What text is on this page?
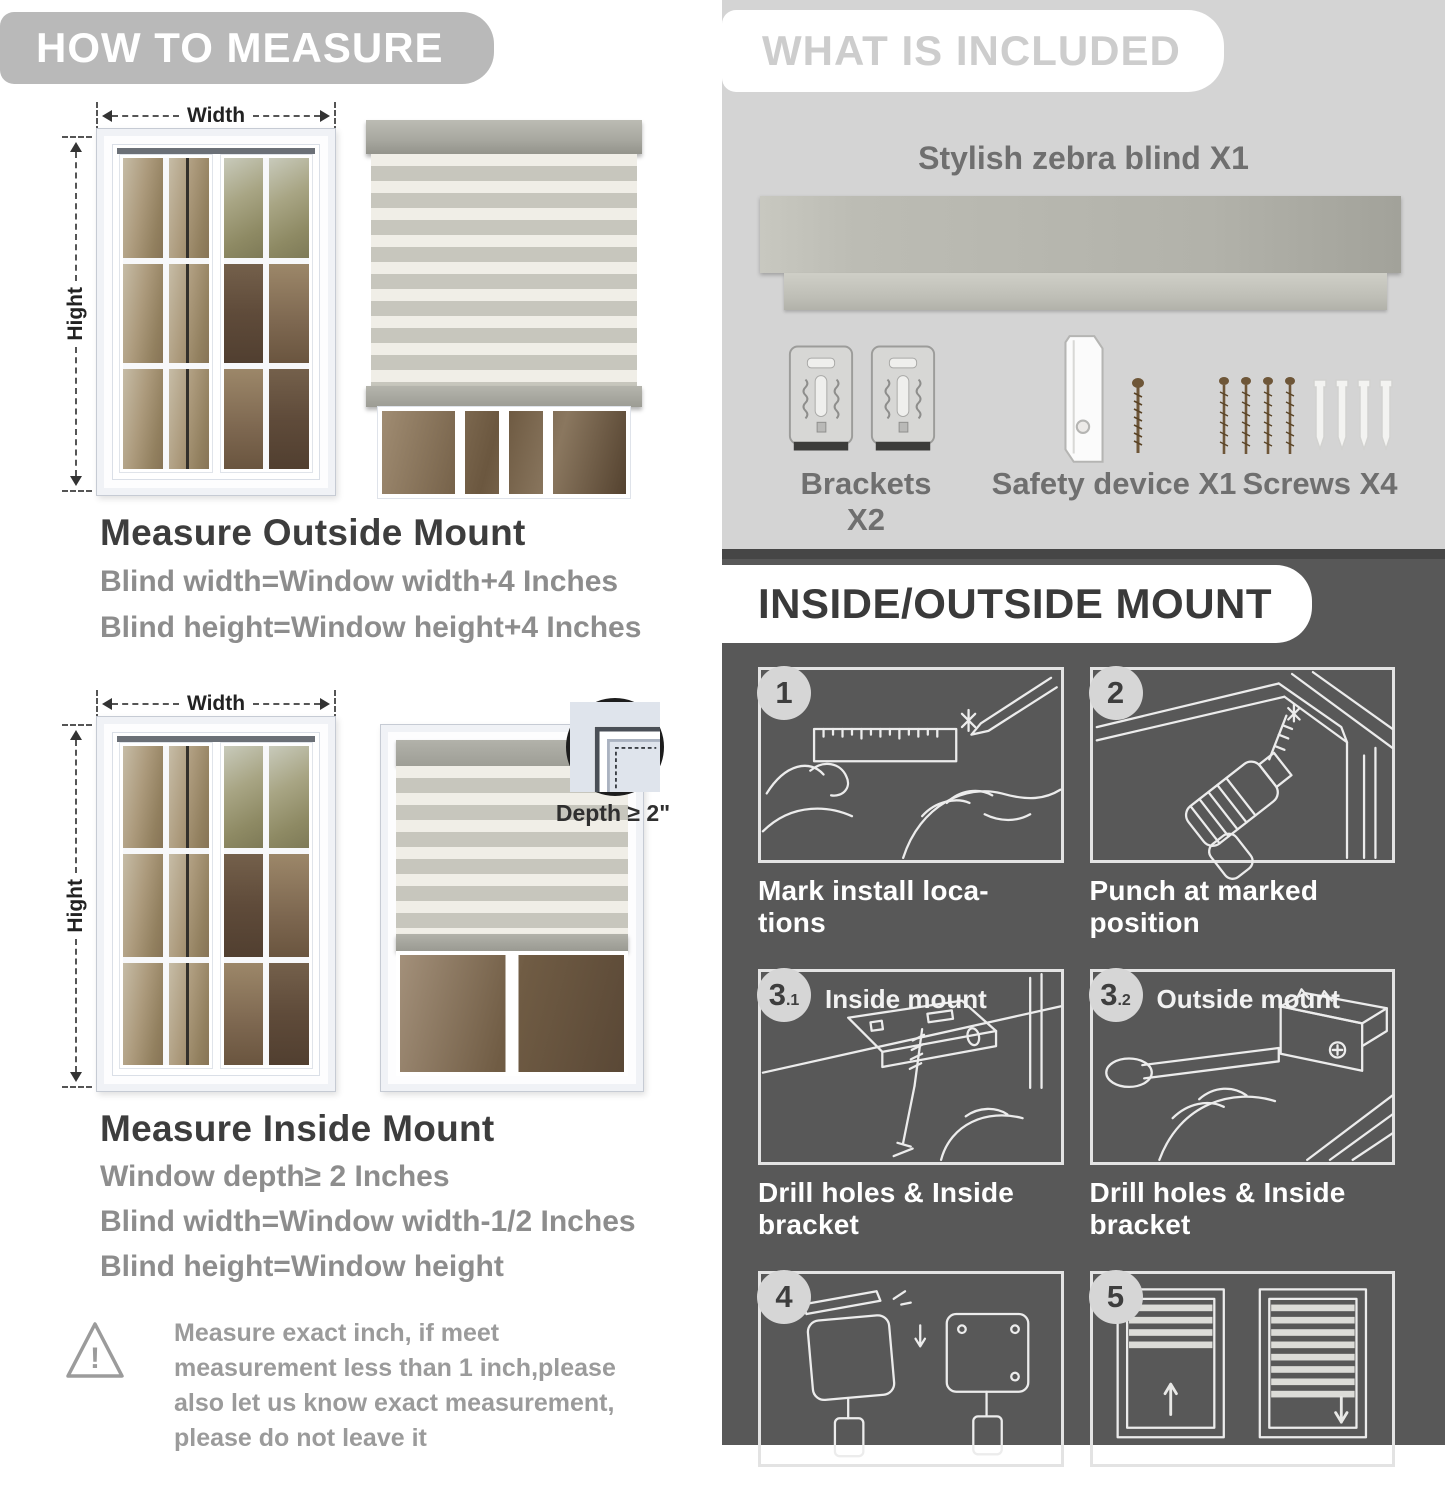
HOW TO MEASURE
Width
Hight
Measure Outside Mount

Blind width=Window width+4 Inches

Blind height=Window height+4 Inches

Width
Hight
Depth ≥ 2"
Measure Inside Mount

Window depth≥ 2 Inches

Blind width=Window width-1/2 Inches

Blind height=Window height

!

Measure exact inch, if meet measurement less than 1 inch,please also let us know exact measurement, please do not leave it

WHAT IS INCLUDED

Stylish zebra blind X1

Brackets X2

Safety device X1 Screws X4

INSIDE/OUTSIDE MOUNT
1
Mark install loca- tions
2
Punch at marked position
3 .1 Inside mount
Drill holes & Inside bracket
3 .2 Outside mount
Drill holes & Inside bracket
4
Install the blind
5
Finish
